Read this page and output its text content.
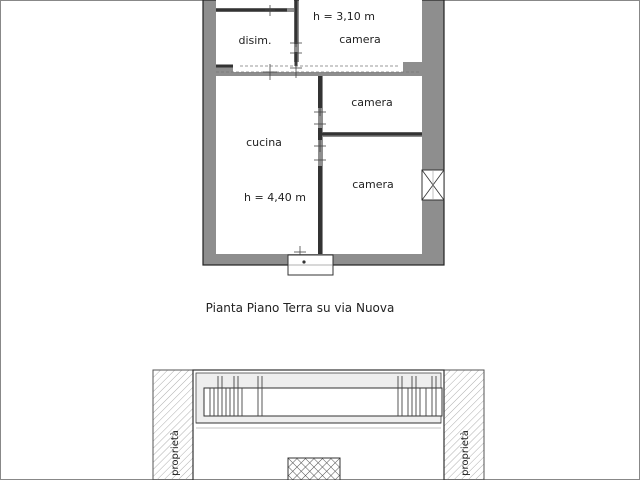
disim.
h = 3,10 m
camera
camera
cucina
camera
h = 4,40 m
Pianta Piano Terra su via Nuova
proprietà	proprietà
